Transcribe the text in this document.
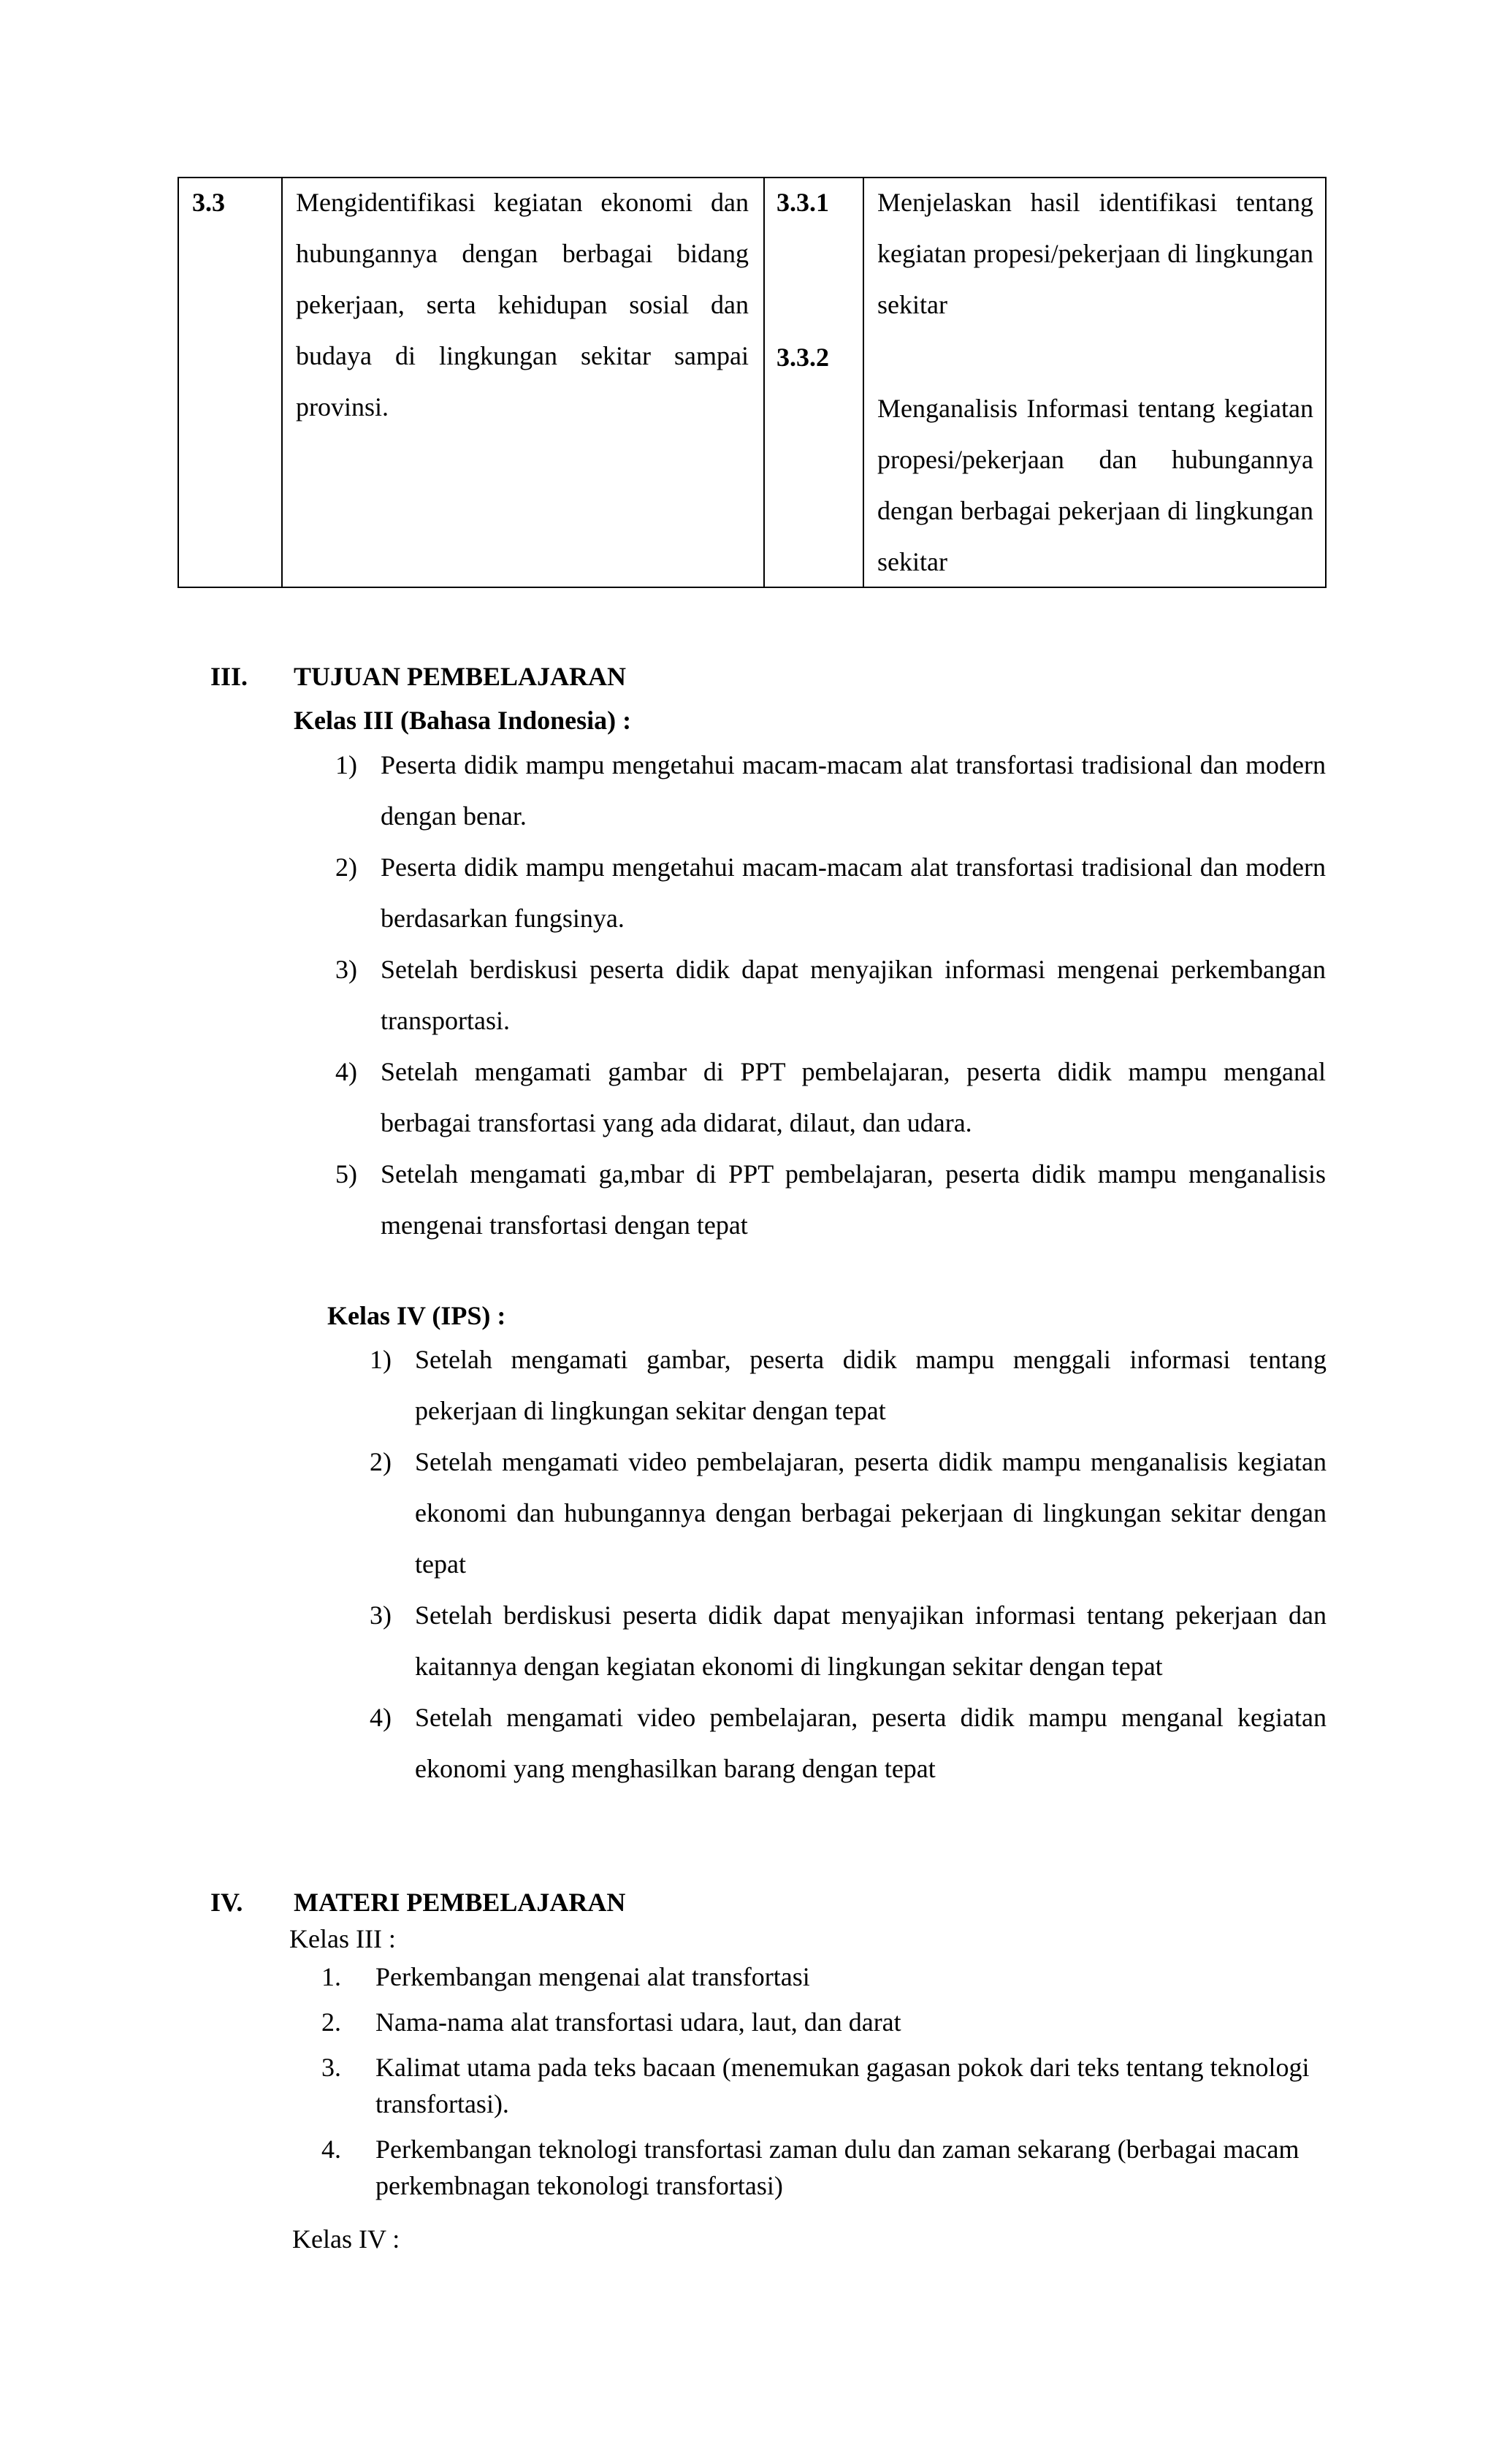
3.3	Mengidentifikasi kegiatan ekonomi dan hubungannya dengan berbagai bidang pekerjaan, serta kehidupan sosial dan budaya di lingkungan sekitar sampai provinsi.
3.3.1
3.3.2
Menjelaskan hasil identifikasi tentang kegiatan propesi/pekerjaan di lingkungan sekitar
Menganalisis Informasi tentang kegiatan propesi/pekerjaan dan hubungannya dengan berbagai pekerjaan di lingkungan sekitar
III. TUJUAN PEMBELAJARAN
Kelas III (Bahasa Indonesia) :
1) Peserta didik mampu mengetahui macam-macam alat transfortasi tradisional dan modern dengan benar.
2) Peserta didik mampu mengetahui macam-macam alat transfortasi tradisional dan modern berdasarkan fungsinya.
3) Setelah berdiskusi peserta didik dapat menyajikan informasi mengenai perkembangan transportasi.
4) Setelah mengamati gambar di PPT pembelajaran, peserta didik mampu menganal berbagai transfortasi yang ada didarat, dilaut, dan udara.
5) Setelah mengamati ga,mbar di PPT pembelajaran, peserta didik mampu menganalisis mengenai transfortasi dengan tepat
Kelas IV (IPS) :
1) Setelah mengamati gambar, peserta didik mampu menggali informasi tentang pekerjaan di lingkungan sekitar dengan tepat
2) Setelah mengamati video pembelajaran, peserta didik mampu menganalisis kegiatan ekonomi dan hubungannya dengan berbagai pekerjaan di lingkungan sekitar dengan tepat
3) Setelah berdiskusi peserta didik dapat menyajikan informasi tentang pekerjaan dan kaitannya dengan kegiatan ekonomi di lingkungan sekitar dengan tepat
4) Setelah mengamati video pembelajaran, peserta didik mampu menganal kegiatan ekonomi yang menghasilkan barang dengan tepat
IV. MATERI PEMBELAJARAN
Kelas III :
1. Perkembangan mengenai alat transfortasi
2. Nama-nama alat transfortasi udara, laut, dan darat
3. Kalimat utama pada teks bacaan (menemukan gagasan pokok dari teks tentang teknologi transfortasi).
4. Perkembangan teknologi transfortasi zaman dulu dan zaman sekarang (berbagai macam perkembnagan tekonologi transfortasi)
Kelas IV :
